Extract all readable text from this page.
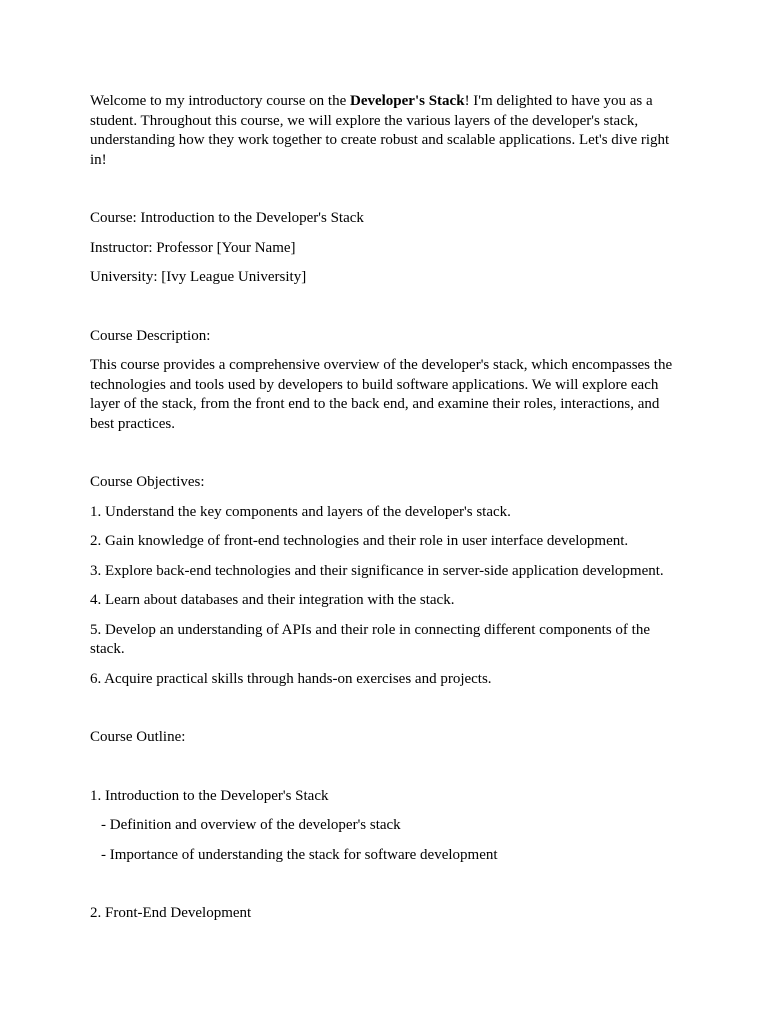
Welcome to my introductory course on the Developer's Stack! I'm delighted to have you as a student. Throughout this course, we will explore the various layers of the developer's stack, understanding how they work together to create robust and scalable applications. Let's dive right in!

Course: Introduction to the Developer's Stack

Instructor: Professor [Your Name]

University: [Ivy League University]

Course Description:

This course provides a comprehensive overview of the developer's stack, which encompasses the technologies and tools used by developers to build software applications. We will explore each layer of the stack, from the front end to the back end, and examine their roles, interactions, and best practices.

Course Objectives:

1. Understand the key components and layers of the developer's stack.

2. Gain knowledge of front-end technologies and their role in user interface development.

3. Explore back-end technologies and their significance in server-side application development.

4. Learn about databases and their integration with the stack.

5. Develop an understanding of APIs and their role in connecting different components of the stack.

6. Acquire practical skills through hands-on exercises and projects.

Course Outline:

1. Introduction to the Developer's Stack

- Definition and overview of the developer's stack

- Importance of understanding the stack for software development

2. Front-End Development
